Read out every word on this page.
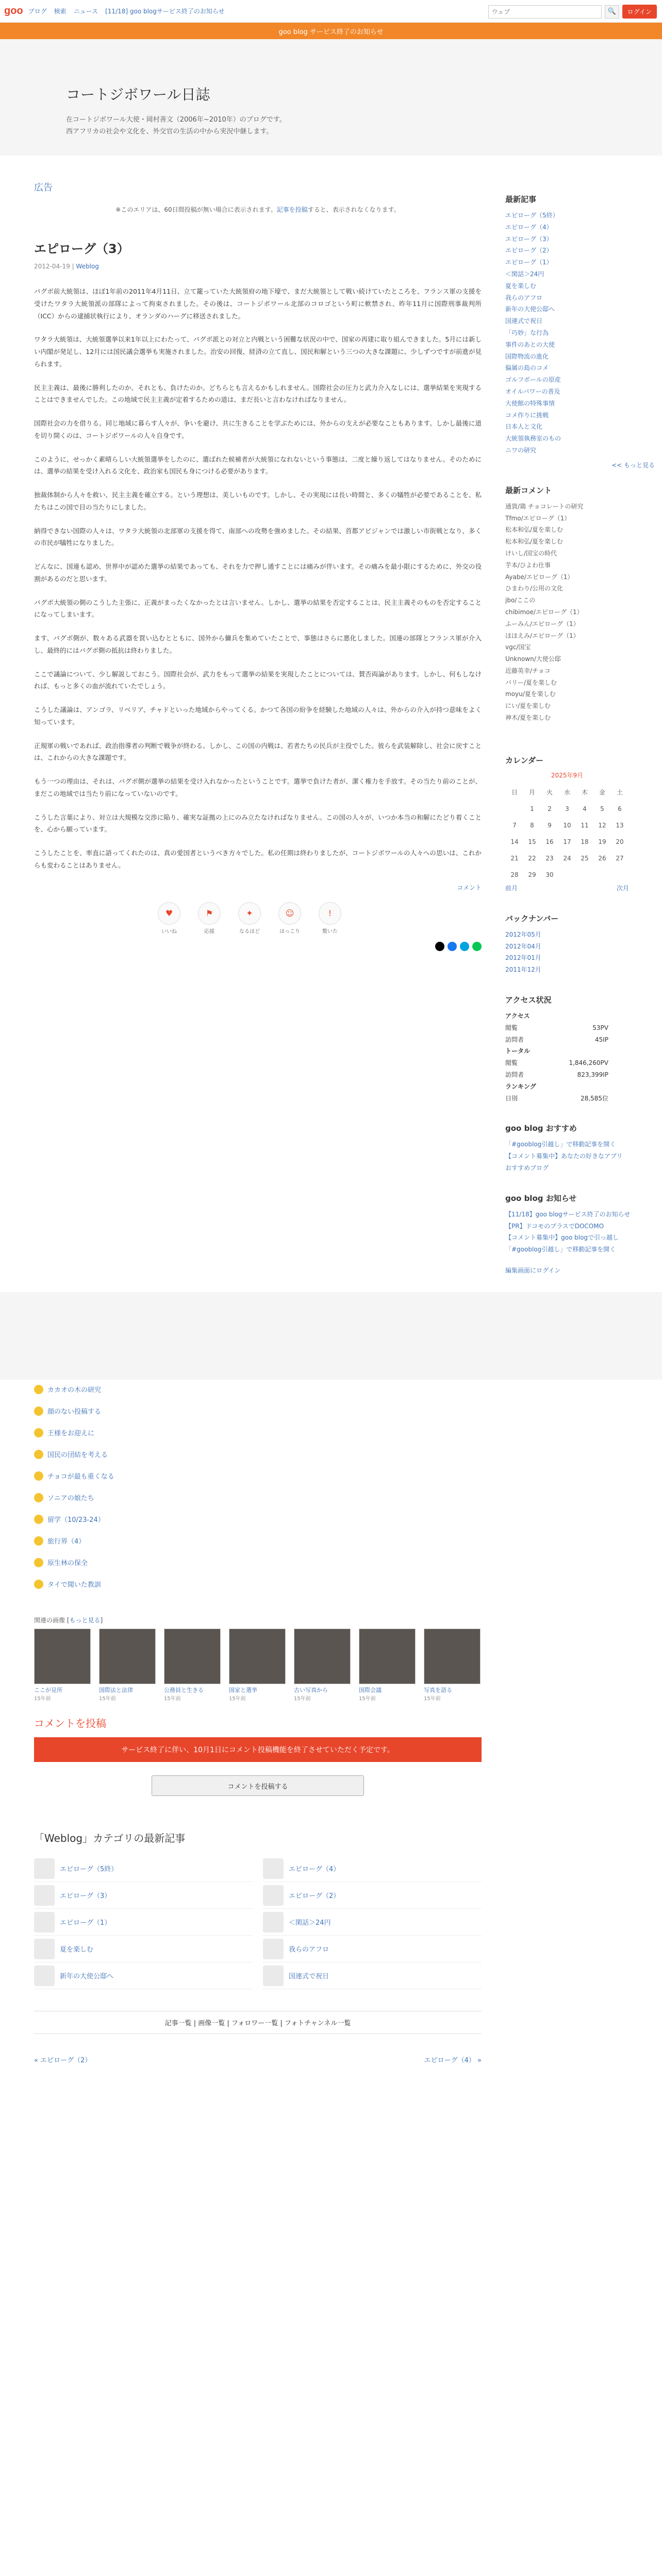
goo ブログ 検索 ニュース [11/18] goo blogサービス終了のお知らせ
ウェブ	🔍	ログイン
goo blog サービス終了のお知らせ
コートジボワール日誌
在コートジボワール大使・岡村善文（2006年~2010年）のブログです。
西アフリカの社会や文化を、外交官の生活の中から実況中継します。
広告
※このエリアは、60日間投稿が無い場合に表示されます。記事を投稿すると、表示されなくなります。
エピローグ（3）
2012-04-19 | Weblog

バグボ前大統領は、ほぼ1年前の2011年4月11日、立て籠っていた大統領府の地下壕で、まだ大統領として戦い続けていたところを、フランス軍の支援を受けたワタラ大統領派の部隊によって拘束されました。その後は、コートジボワール北部のコロゴという町に軟禁され、昨年11月に国際刑事裁判所（ICC）からの逮捕状執行により、オランダのハーグに移送されました。

ワタラ大統領は、大統領選挙以来1年以上にわたって、バグボ派との対立と内戦という困難な状況の中で、国家の再建に取り組んできました。5月には新しい内閣が発足し、12月には国民議会選挙も実施されました。治安の回復、経済の立て直し、国民和解という三つの大きな課題に、少しずつですが前進が見られます。

民主主義は、最後に勝利したのか、それとも、負けたのか。どちらとも言えるかもしれません。国際社会の圧力と武力介入なしには、選挙結果を実現することはできませんでした。この地域で民主主義が定着するための道は、まだ長いと言わなければなりません。

国際社会の力を借りる。同じ地域に暮らす人々が、争いを避け、共に生きることを学ぶためには、外からの支えが必要なこともあります。しかし最後に道を切り開くのは、コートジボワールの人々自身です。

このように、せっかく素晴らしい大統領選挙をしたのに、選ばれた候補者が大統領になれないという事態は、二度と繰り返してはなりません。そのためには、選挙の結果を受け入れる文化を、政治家も国民も身につける必要があります。

独裁体制から人々を救い、民主主義を確立する。という理想は、美しいものです。しかし、その実現には長い時間と、多くの犠牲が必要であることを、私たちはこの国で目の当たりにしました。

納得できない国際の人々は、ワタラ大統領の北部軍の支援を得て、南部への攻勢を強めました。その結果、首都アビジャンでは激しい市街戦となり、多くの市民が犠牲になりました。

どんなに、国連も認め、世界中が認めた選挙の結果であっても、それを力で押し通すことには痛みが伴います。その痛みを最小限にするために、外交の役割があるのだと思います。

バグボ大統領の側のこうした主張に、正義がまったくなかったとは言いません。しかし、選挙の結果を否定することは、民主主義そのものを否定することになってしまいます。

ます、バグボ側が、数々ある武器を買い込むとともに、国外から傭兵を集めていたことで、事態はさらに悪化しました。国連の部隊とフランス軍が介入し、最終的にはバグボ側の抵抗は終わりました。

ここで議論について、少し解説しておこう。国際社会が、武力をもって選挙の結果を実現したことについては、賛否両論があります。しかし、何もしなければ、もっと多くの血が流れていたでしょう。

こうした議論は、アンゴラ、リベリア、チャドといった地域からやってくる。かつて各国の紛争を経験した地域の人々は、外からの介入が持つ意味をよく知っています。

正規軍の戦いであれば、政治指導者の判断で戦争が終わる。しかし、この国の内戦は、若者たちの民兵が主役でした。彼らを武装解除し、社会に戻すことは、これからの大きな課題です。

もう一つの理由は、それは、バグボ側が選挙の結果を受け入れなかったということです。選挙で負けた者が、潔く権力を手放す。その当たり前のことが、まだこの地域では当たり前になっていないのです。

こうした言葉により、対立は大規模な交渉に陥り、確実な証拠の上にのみ立たなければなりません。この国の人々が、いつか本当の和解にたどり着くことを、心から願っています。

こうしたことを、率直に語ってくれたのは、真の愛国者というべき方々でした。私の任期は終わりましたが、コートジボワールの人々への思いは、これからも変わることはありません。

コメント
♥
いいね
⚑
応援
✦
なるほど
☺
ほっこり
!
驚いた
最新記事
エピローグ（5終）
エピローグ（4）
エピローグ（3）
エピローグ（2）
エピローグ（1）
＜閑話＞24円
夏を楽しむ
我らのアフロ
新年の大使公邸へ
国連式で祝日
「巧妙」な行為
事件のあとの大使
国際物流の進化
偏属の島のコメ
ゴルフボールの原産
オイルパワーの普及
大使館の特殊事情
コメ作りに挑戦
日本人と文化
大統領執務室のもの
ニワの研究
<< もっと見る
最新コメント
通貨/鶏 チョコレートの研究
Tfmo/エピローグ（1）
松本和弘/夏を楽しむ
松本和弘/夏を楽しむ
けいし/国宝の時代
芋本/ひよわ仕事
Ayabe/エピローグ（1）
ひまわり/公用の文化
jbo/ここの
chibimoe/エピローグ（1）
ふーみん/エピローグ（1）
ほほえみ/エピローグ（1）
vgc/国宝
Unknown/大使公邸
近藤英幸/チョコ
バリー/夏を楽しむ
moyu/夏を楽しむ
にい/夏を楽しむ
神木/夏を楽しむ
カレンダー
2025年9月
日	月	火	水	木	金	土
	1	2	3	4	5	6
7	8	9	10	11	12	13
14	15	16	17	18	19	20
21	22	23	24	25	26	27
28	29	30				
前月	次月
バックナンバー
2012年05月
2012年04月
2012年01月
2011年12月
アクセス状況
アクセス
閲覧	53PV
訪問者	45IP
トータル
閲覧	1,846,260PV
訪問者	823,399IP
ランキング
日別	28,585位
goo blog おすすめ
「#gooblog引越し」で移動記事を開く
【コメント募集中】あなたの好きなアプリ
おすすめブログ
goo blog お知らせ
【11/18】goo blogサービス終了のお知らせ
【PR】ドコモのプラスでDOCOMO
【コメント募集中】goo blogで引っ越し
「#gooblog引越し」で移動記事を開く
編集画面にログイン
カカオの木の研究
顔のない投稿する
王様をお迎えに
国民の団結を考える
チョコが最も重くなる
ソニアの娘たち
留学（10/23-24）
旅行界（4）
原生林の保全
タイで聞いた教訓
関連の画像 [もっと見る]
ここが見所
15年前
国際法と法律
15年前
公務員と生きる
15年前
国家と選挙
15年前
古い写真から
15年前
国際会議
15年前
写真を語る
15年前
コメントを投稿
サービス終了に伴い、10月1日にコメント投稿機能を終了させていただく予定です。
コメントを投稿する
「Weblog」カテゴリの最新記事
エピローグ（5終）	エピローグ（4）
エピローグ（3）	エピローグ（2）
エピローグ（1）	＜閑話＞24円
夏を楽しむ	我らのアフロ
新年の大使公邸へ	国連式で祝日
記事一覧 | 画像一覧 | フォロワー一覧 | フォトチャンネル一覧
« エピローグ（2）	エピローグ（4） »
